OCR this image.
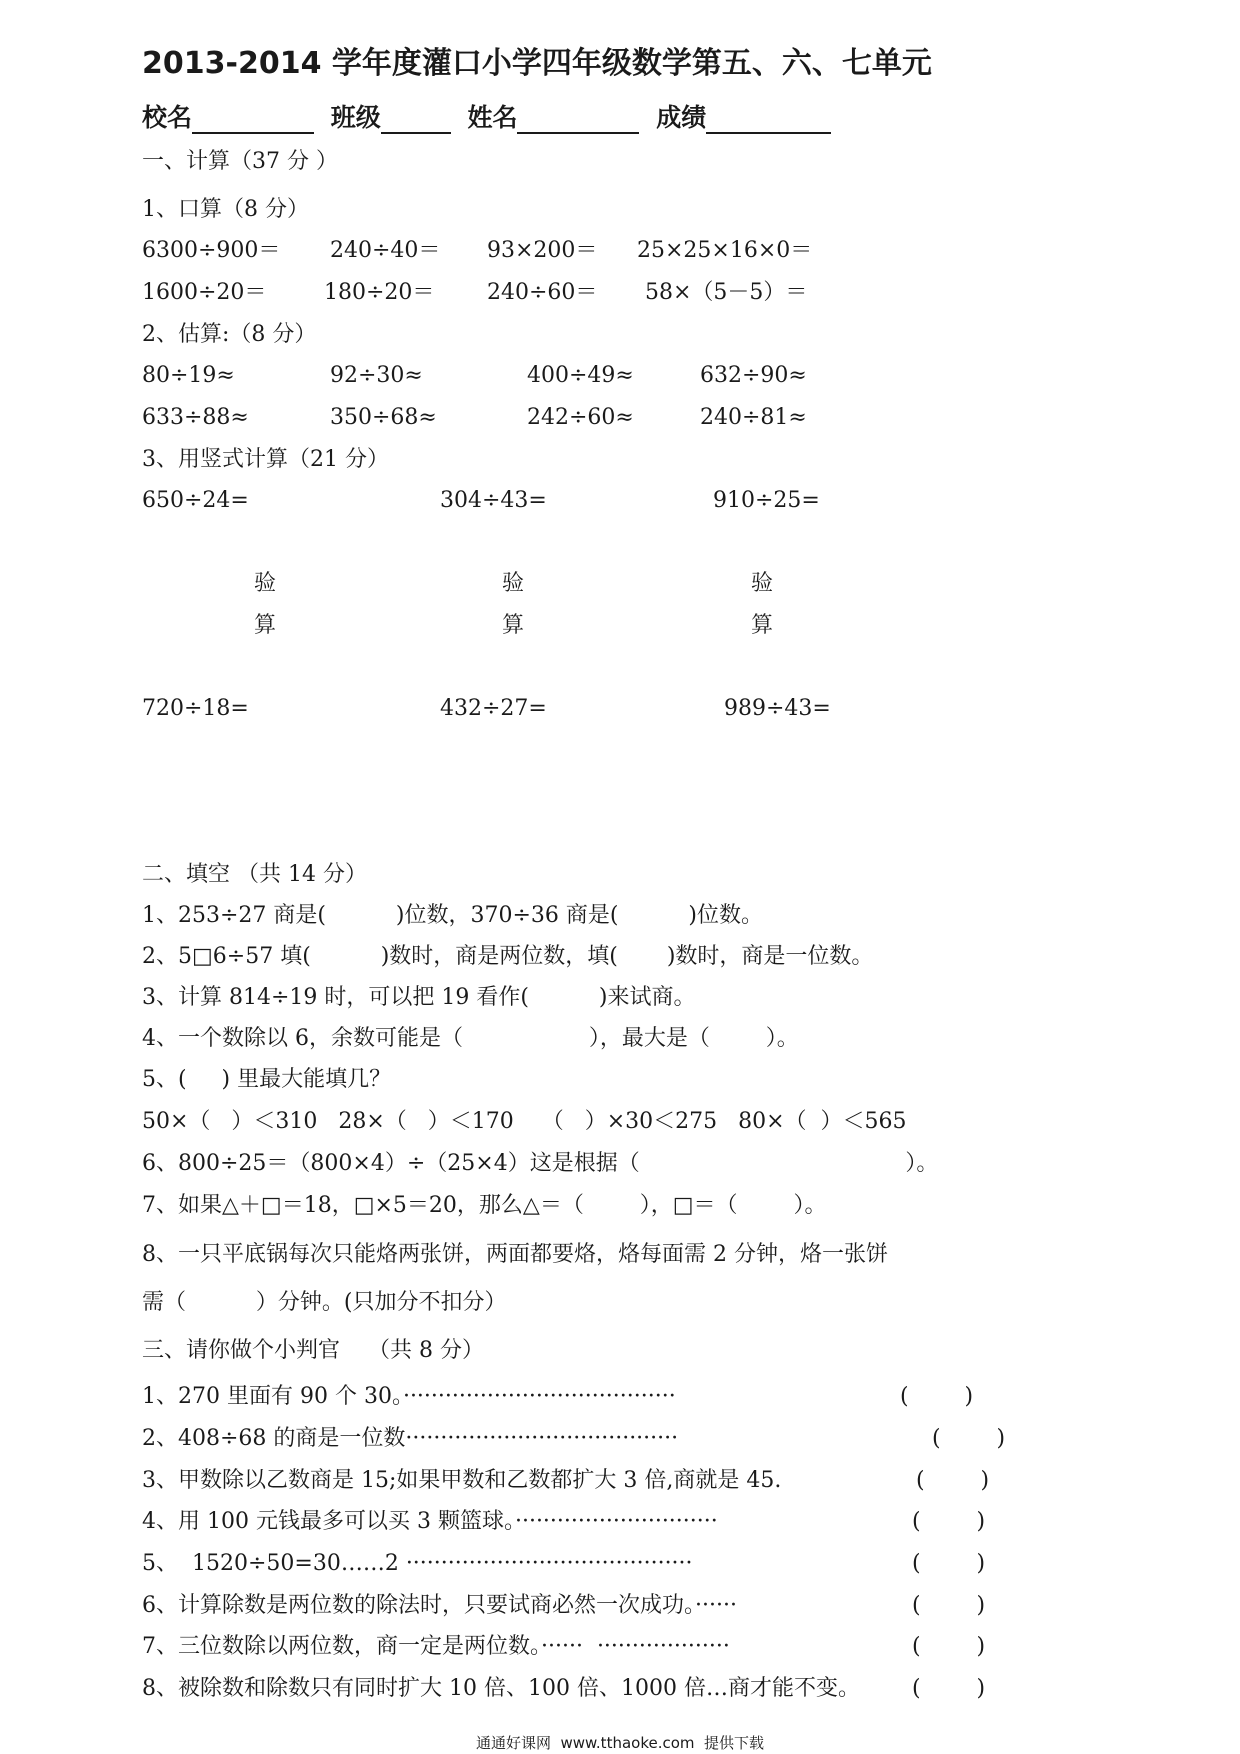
2013-2014 学年度灌口小学四年级数学第五、六、七单元
校名	班级	姓名	成绩
一、计算（37 分 ）
1、口算（8 分）
6300÷900＝ 240÷40＝ 93×200＝ 25×25×16×0＝
1600÷20＝	180÷20＝ 240÷60＝ 58×（5－5）＝
2、估算:（8 分）
80÷19≈	92÷30≈	400÷49≈	632÷90≈
633÷88≈	350÷68≈	242÷60≈	240÷81≈
3、用竖式计算（21 分）
650÷24=	304÷43=	910÷25=
验
算
验
算
验
算
720÷18=	432÷27=	989÷43=
二、填空 （共 14 分）
1、253÷27 商是(          )位数，370÷36 商是(          )位数。
2、5□6÷57 填(          )数时，商是两位数，填(       )数时，商是一位数。
3、计算 814÷19 时，可以把 19 看作(          )来试商。
4、一个数除以 6，余数可能是（                  ），最大是（        ）。
5、(     ) 里最大能填几？
50×（   ）＜310   28×（   ）＜170    （   ）×30＜275   80×（  ）＜565
6、800÷25＝（800×4）÷（25×4）这是根据（                                      ）。
7、如果△＋□＝18，□×5＝20，那么△＝（        ），□＝（        ）。
8、一只平底锅每次只能烙两张饼，两面都要烙，烙每面需 2 分钟，烙一张饼
需（          ）分钟。(只加分不扣分）
三、请你做个小判官    （共 8 分）
1、270 里面有 90 个 30。·······································	(        )
2、408÷68 的商是一位数·······································	(        )
3、甲数除以乙数商是 15;如果甲数和乙数都扩大 3 倍,商就是 45.	(        )
4、用 100 元钱最多可以买 3 颗篮球。·····························	(        )
5、  1520÷50=30……2 ·········································	(        )
6、计算除数是两位数的除法时，只要试商必然一次成功。······	(        )
7、三位数除以两位数，商一定是两位数。······  ···················	(        )
8、被除数和除数只有同时扩大 10 倍、100 倍、1000 倍…商才能不变。 (        )
通通好课网  www.tthaoke.com  提供下载
